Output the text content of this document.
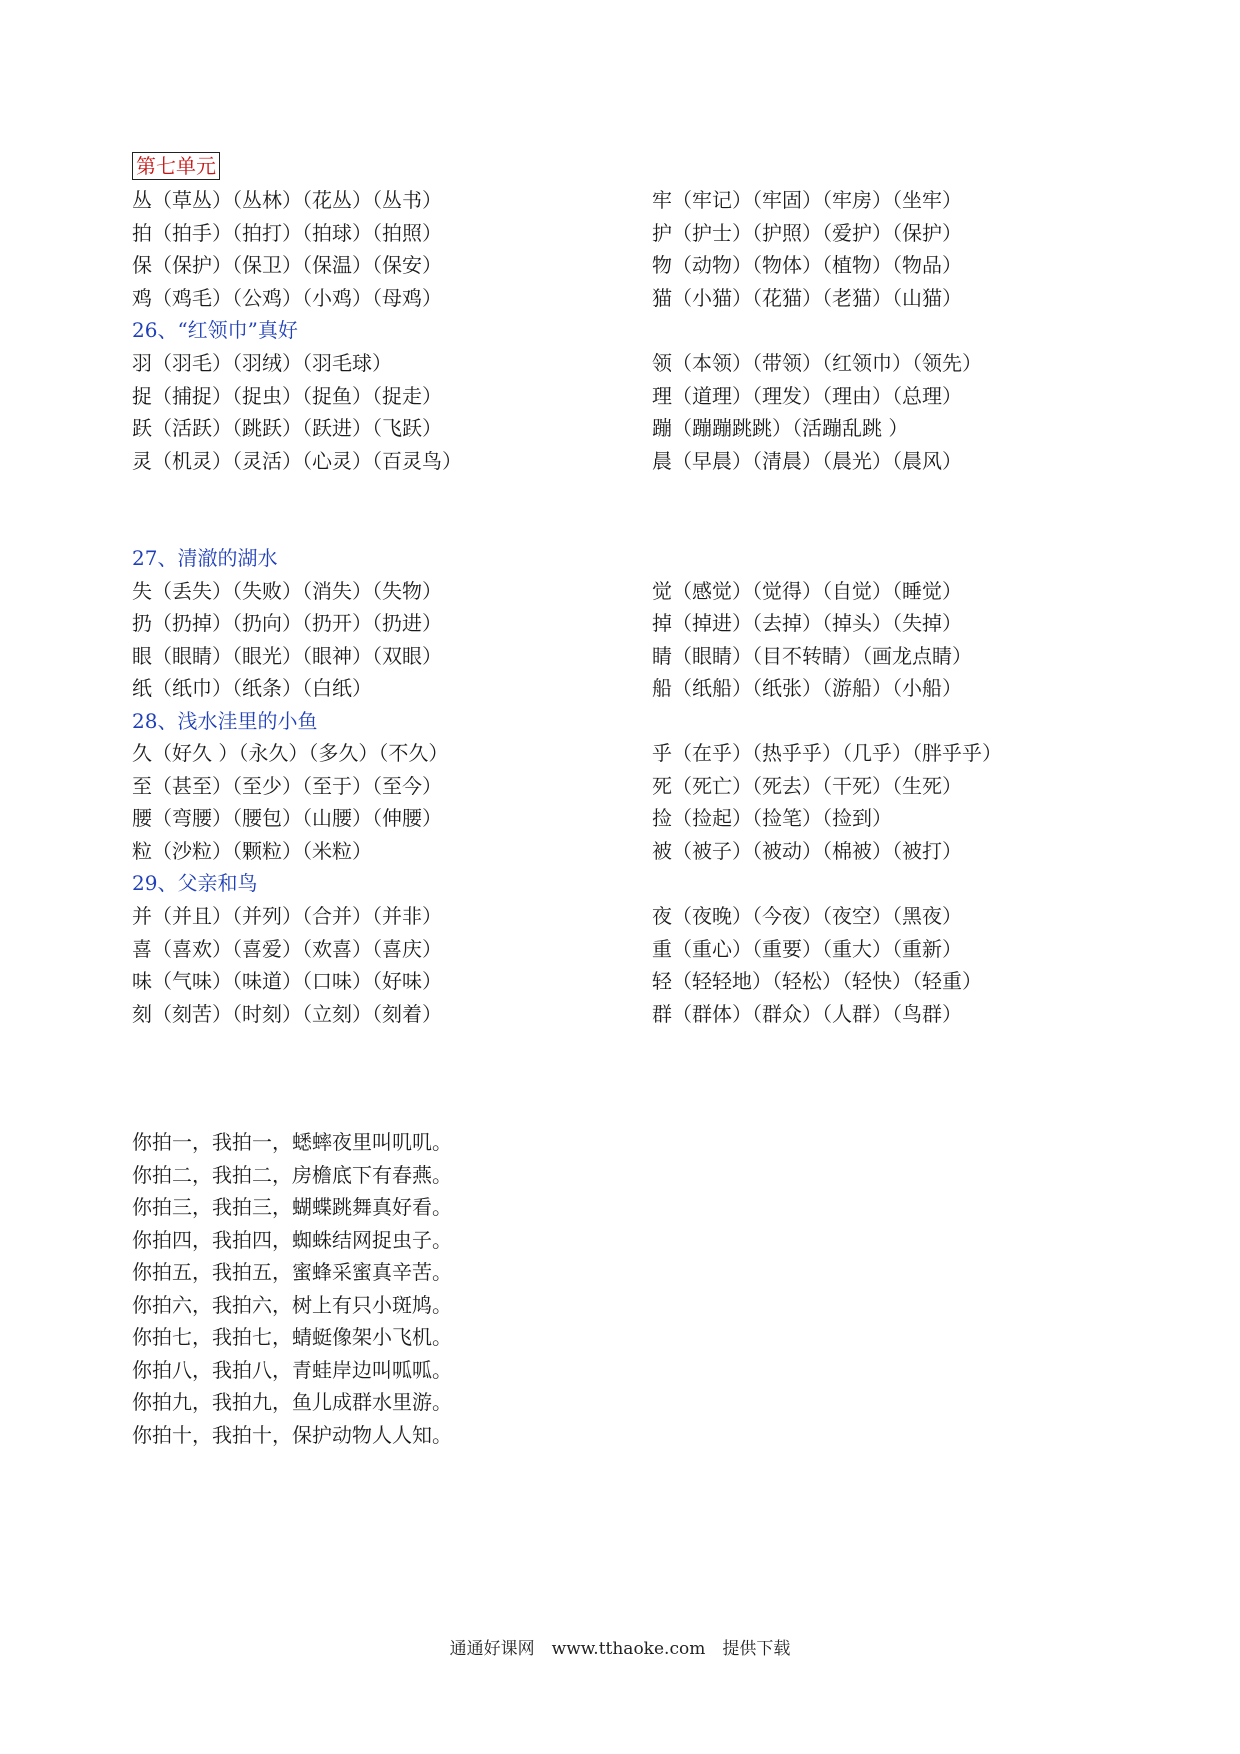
第七单元
丛（草丛）（丛林）（花丛）（丛书）	牢（牢记）（牢固）（牢房）（坐牢）
拍（拍手）（拍打）（拍球）（拍照）	护（护士）（护照）（爱护）（保护）
保（保护）（保卫）（保温）（保安）	物（动物）（物体）（植物）（物品）
鸡（鸡毛）（公鸡）（小鸡）（母鸡）	猫（小猫）（花猫）（老猫）（山猫）
26、“红领巾”真好
羽（羽毛）（羽绒）（羽毛球）	领（本领）（带领）（红领巾）（领先）
捉（捕捉）（捉虫）（捉鱼）（捉走）	理（道理）（理发）（理由）（总理）
跃（活跃）（跳跃）（跃进）（飞跃）	蹦（蹦蹦跳跳）（活蹦乱跳 ）
灵（机灵）（灵活）（心灵）（百灵鸟）	晨（早晨）（清晨）（晨光）（晨风）
27、清澈的湖水
失（丢失）（失败）（消失）（失物）	觉（感觉）（觉得）（自觉）（睡觉）
扔（扔掉）（扔向）（扔开）（扔进）	掉（掉进）（去掉）（掉头）（失掉）
眼（眼睛）（眼光）（眼神）（双眼）	睛（眼睛）（目不转睛）（画龙点睛）
纸（纸巾）（纸条）（白纸）	船（纸船）（纸张）（游船）（小船）
28、浅水洼里的小鱼
久（好久 ）（永久）（多久）（不久）	乎（在乎）（热乎乎）（几乎）（胖乎乎）
至（甚至）（至少）（至于）（至今）	死（死亡）（死去）（干死）（生死）
腰（弯腰）（腰包）（山腰）（伸腰）	捡（捡起）（捡笔）（捡到）
粒（沙粒）（颗粒）（米粒）	被（被子）（被动）（棉被）（被打）
29、父亲和鸟
并（并且）（并列）（合并）（并非）	夜（夜晚）（今夜）（夜空）（黑夜）
喜（喜欢）（喜爱）（欢喜）（喜庆）	重（重心）（重要）（重大）（重新）
味（气味）（味道）（口味）（好味）	轻（轻轻地）（轻松）（轻快）（轻重）
刻（刻苦）（时刻）（立刻）（刻着）	群（群体）（群众）（人群）（鸟群）
你拍一，我拍一，蟋蟀夜里叫叽叽。
你拍二，我拍二，房檐底下有春燕。
你拍三，我拍三，蝴蝶跳舞真好看。
你拍四，我拍四，蜘蛛结网捉虫子。
你拍五，我拍五，蜜蜂采蜜真辛苦。
你拍六，我拍六，树上有只小斑鸠。
你拍七，我拍七，蜻蜓像架小飞机。
你拍八，我拍八，青蛙岸边叫呱呱。
你拍九，我拍九，鱼儿成群水里游。
你拍十，我拍十，保护动物人人知。
通通好课网　www.tthaoke.com　提供下载
